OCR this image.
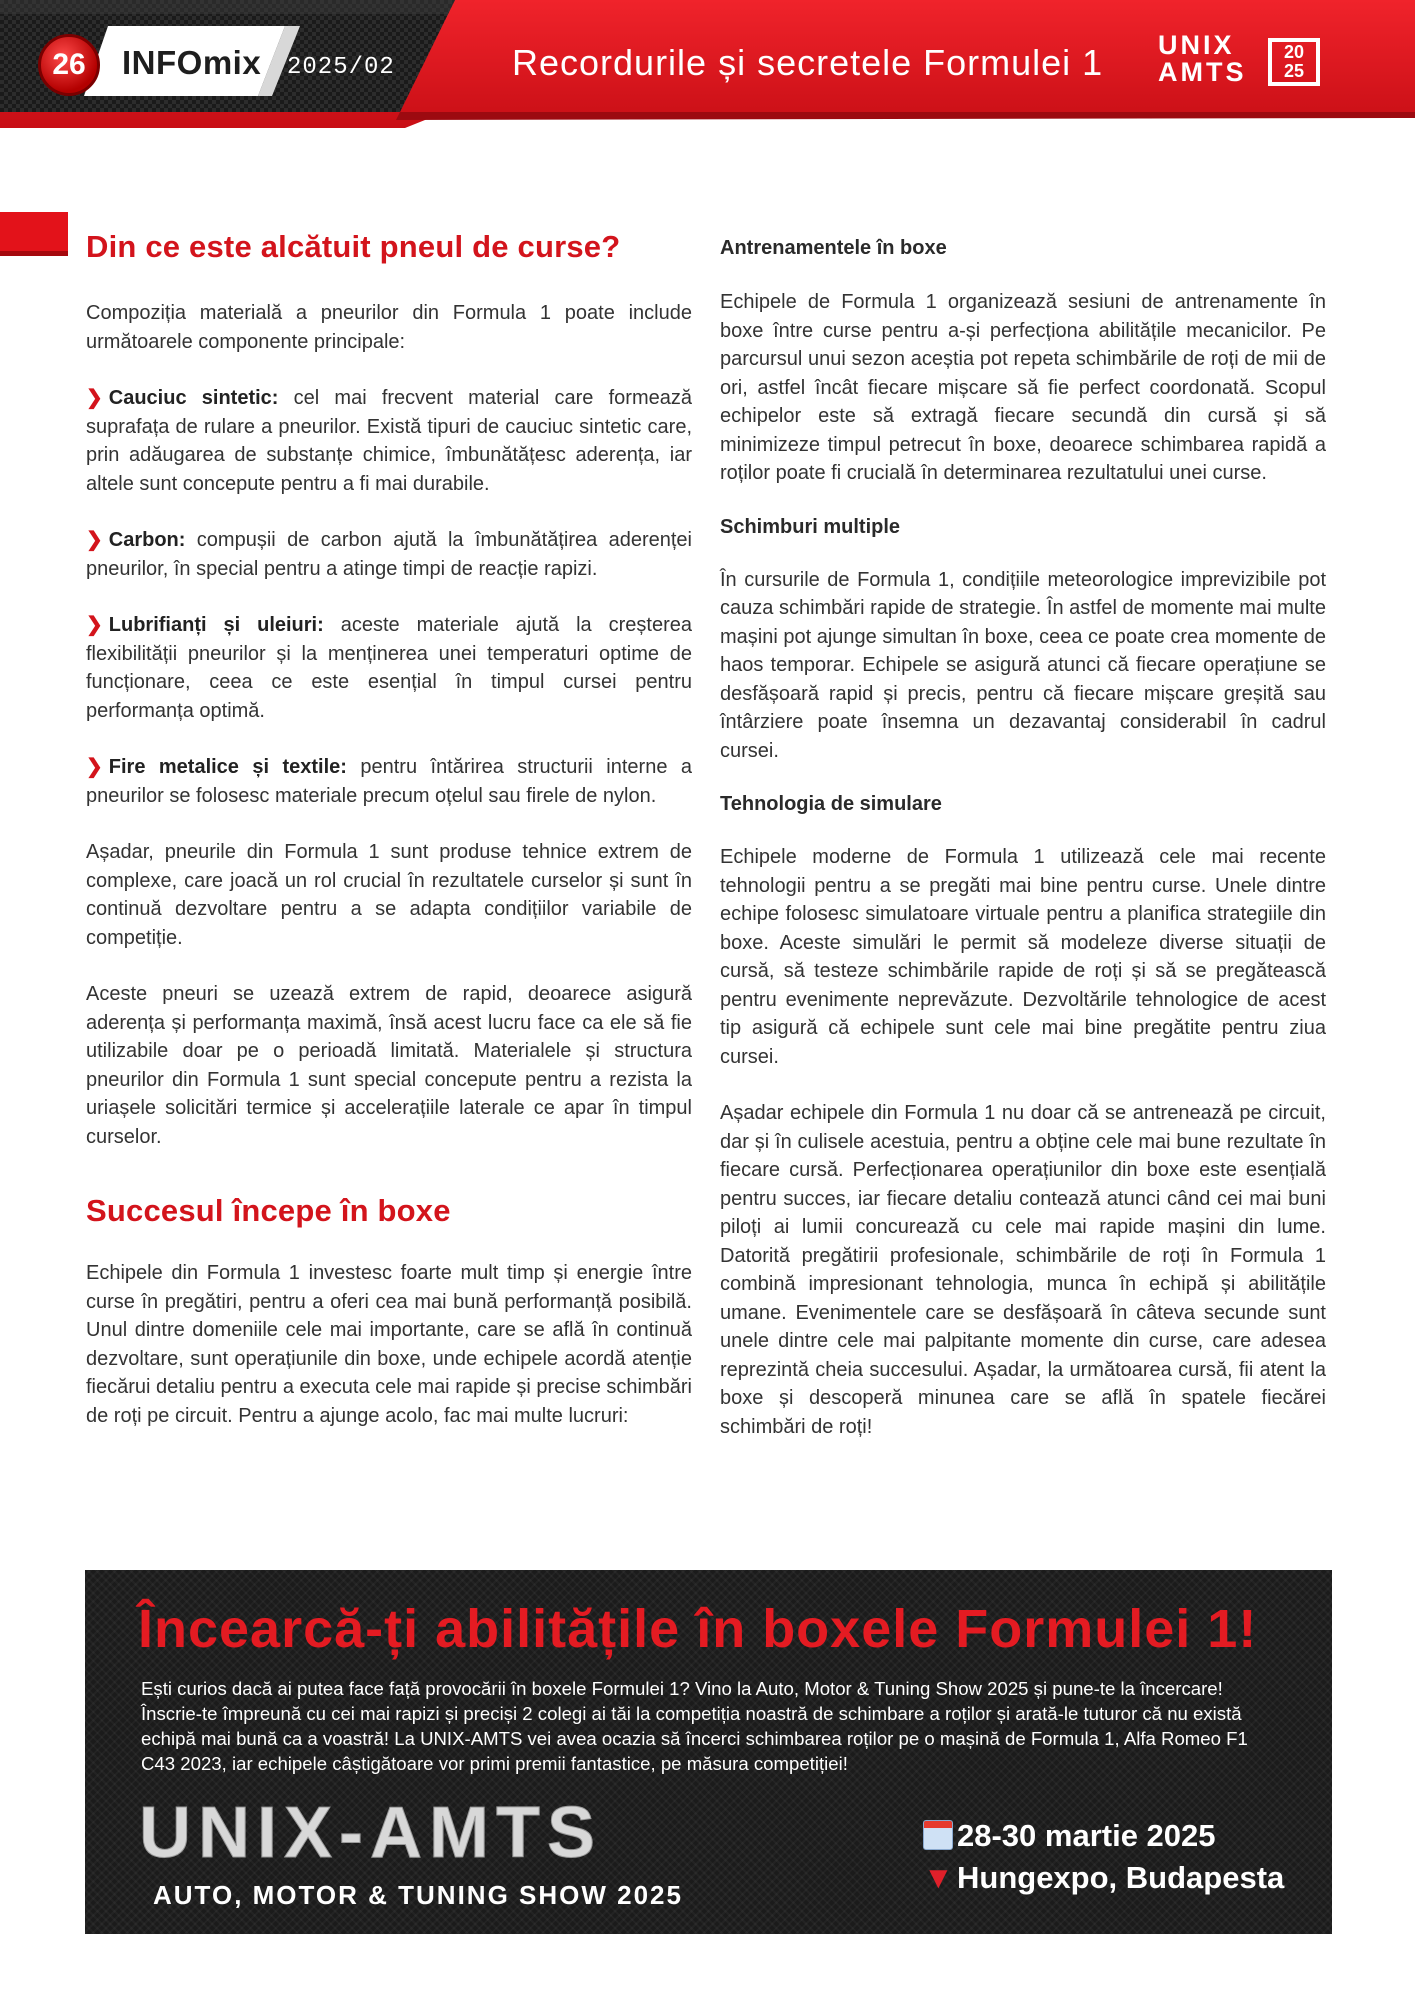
26	INFOmix 2025/02	Recordurile și secretele Formulei 1 UNIX
AMTS
20
25
Din ce este alcătuit pneul de curse?

Compoziția materială a pneurilor din Formula 1 poate include următoarele componente principale:

❯ Cauciuc sintetic: cel mai frecvent material care formează suprafața de rulare a pneurilor. Există tipuri de cauciuc sintetic care, prin adăugarea de substanțe chimice, îmbunătățesc aderența, iar altele sunt concepute pentru a fi mai durabile.

❯ Carbon: compușii de carbon ajută la îmbunătățirea aderenței pneurilor, în special pentru a atinge timpi de reacție rapizi.

❯ Lubrifianți și uleiuri: aceste materiale ajută la creșterea flexibilității pneurilor și la menținerea unei temperaturi optime de funcționare, ceea ce este esențial în timpul cursei pentru performanța optimă.

❯ Fire metalice și textile: pentru întărirea structurii interne a pneurilor se folosesc materiale precum oțelul sau firele de nylon.

Așadar, pneurile din Formula 1 sunt produse tehnice extrem de complexe, care joacă un rol crucial în rezultatele curselor și sunt în continuă dezvoltare pentru a se adapta condițiilor variabile de competiție.

Aceste pneuri se uzează extrem de rapid, deoarece asigură aderența și performanța maximă, însă acest lucru face ca ele să fie utilizabile doar pe o perioadă limitată. Materialele și structura pneurilor din Formula 1 sunt special concepute pentru a rezista la uriașele solicitări termice și accelerațiile laterale ce apar în timpul curselor.

Succesul începe în boxe

Echipele din Formula 1 investesc foarte mult timp și energie între curse în pregătiri, pentru a oferi cea mai bună performanță posibilă. Unul dintre domeniile cele mai importante, care se află în continuă dezvoltare, sunt operațiunile din boxe, unde echipele acordă atenție fiecărui detaliu pentru a executa cele mai rapide și precise schimbări de roți pe circuit. Pentru a ajunge acolo, fac mai multe lucruri:

Antrenamentele în boxe

Echipele de Formula 1 organizează sesiuni de antrenamente în boxe între curse pentru a-și perfecționa abilitățile mecanicilor. Pe parcursul unui sezon aceștia pot repeta schimbările de roți de mii de ori, astfel încât fiecare mișcare să fie perfect coordonată. Scopul echipelor este să extragă fiecare secundă din cursă și să minimizeze timpul petrecut în boxe, deoarece schimbarea rapidă a roților poate fi crucială în determinarea rezultatului unei curse.

Schimburi multiple

În cursurile de Formula 1, condițiile meteorologice imprevizibile pot cauza schimbări rapide de strategie. În astfel de momente mai multe mașini pot ajunge simultan în boxe, ceea ce poate crea momente de haos temporar. Echipele se asigură atunci că fiecare operațiune se desfășoară rapid și precis, pentru că fiecare mișcare greșită sau întârziere poate însemna un dezavantaj considerabil în cadrul cursei.

Tehnologia de simulare

Echipele moderne de Formula 1 utilizează cele mai recente tehnologii pentru a se pregăti mai bine pentru curse. Unele dintre echipe folosesc simulatoare virtuale pentru a planifica strategiile din boxe. Aceste simulări le permit să modeleze diverse situații de cursă, să testeze schimbările rapide de roți și să se pregătească pentru evenimente neprevăzute. Dezvoltările tehnologice de acest tip asigură că echipele sunt cele mai bine pregătite pentru ziua cursei.

Așadar echipele din Formula 1 nu doar că se antrenează pe circuit, dar și în culisele acestuia, pentru a obține cele mai bune rezultate în fiecare cursă. Perfecționarea operațiunilor din boxe este esențială pentru succes, iar fiecare detaliu contează atunci când cei mai buni piloți ai lumii concurează cu cele mai rapide mașini din lume. Datorită pregătirii profesionale, schimbările de roți în Formula 1 combină impresionant tehnologia, munca în echipă și abilitățile umane. Evenimentele care se desfășoară în câteva secunde sunt unele dintre cele mai palpitante momente din curse, care adesea reprezintă cheia succesului. Așadar, la următoarea cursă, fii atent la boxe și descoperă minunea care se află în spatele fiecărei schimbări de roți!

Încearcă-ți abilitățile în boxele Formulei 1!
Ești curios dacă ai putea face față provocării în boxele Formulei 1? Vino la Auto, Motor & Tuning Show 2025 și pune-te la încercare! Înscrie-te împreună cu cei mai rapizi și preciși 2 colegi ai tăi la competiția noastră de schimbare a roților și arată-le tuturor că nu există echipă mai bună ca a voastră! La UNIX-AMTS vei avea ocazia să încerci schimbarea roților pe o mașină de Formula 1, Alfa Romeo F1 C43 2023, iar echipele câștigătoare vor primi premii fantastice, pe măsura competiției!
UNIX-AMTS
AUTO, MOTOR & TUNING SHOW 2025
28-30 martie 2025
▼ Hungexpo, Budapesta
